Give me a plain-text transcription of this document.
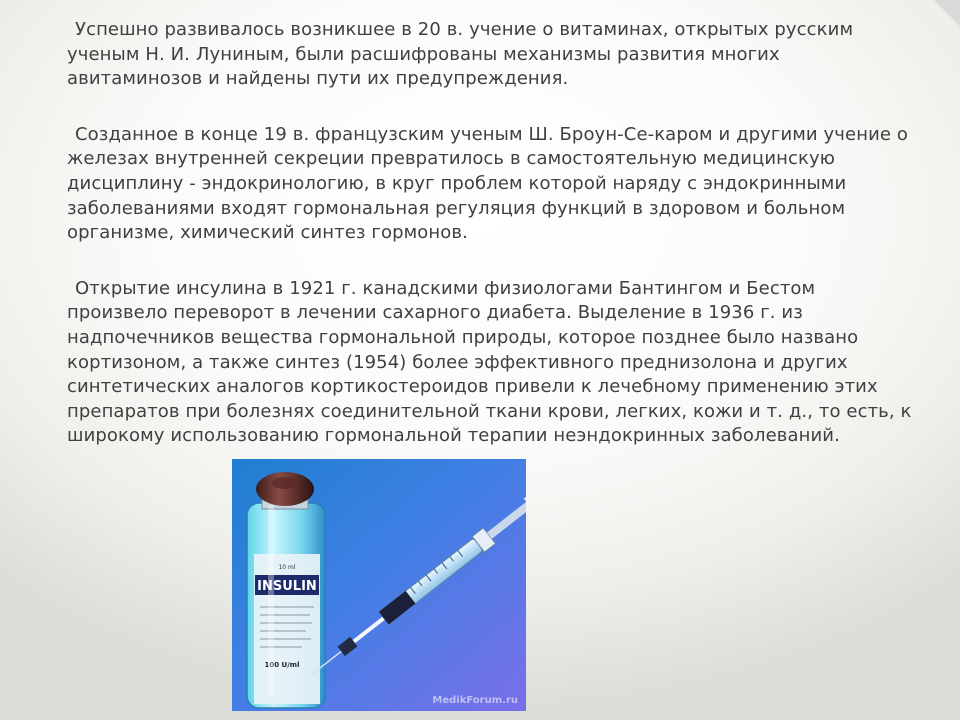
Успешно развивалось возникшее в 20 в. учение о витаминах, открытых русским ученым Н. И. Луниным, были расшифрованы механизмы развития многих авитаминозов и найдены пути их предупреждения.

Созданное в конце 19 в. французским ученым Ш. Броун-Се-каром и другими учение о железах внутренней секреции превратилось в самостоятельную медицинскую дисциплину - эндокринологию, в круг проблем которой наряду с эндокринными заболеваниями входят гормональная регуляция функций в здоровом и больном организме, химический синтез гормонов.

Открытие инсулина в 1921 г. канадскими физиологами Бантингом и Бестом произвело переворот в лечении сахарного диабета. Выделение в 1936 г. из надпочечников вещества гормональной природы, которое позднее было названо кортизоном, а также синтез (1954) более эффективного преднизолона и других синтетических аналогов кортикостероидов привели к лечебному применению этих препаратов при болезнях соединительной ткани крови, легких, кожи и т. д., то есть, к широкому использованию гормональной терапии неэндокринных заболеваний.

10 ml
INSULIN
100 U/ml
MedikForum.ru
